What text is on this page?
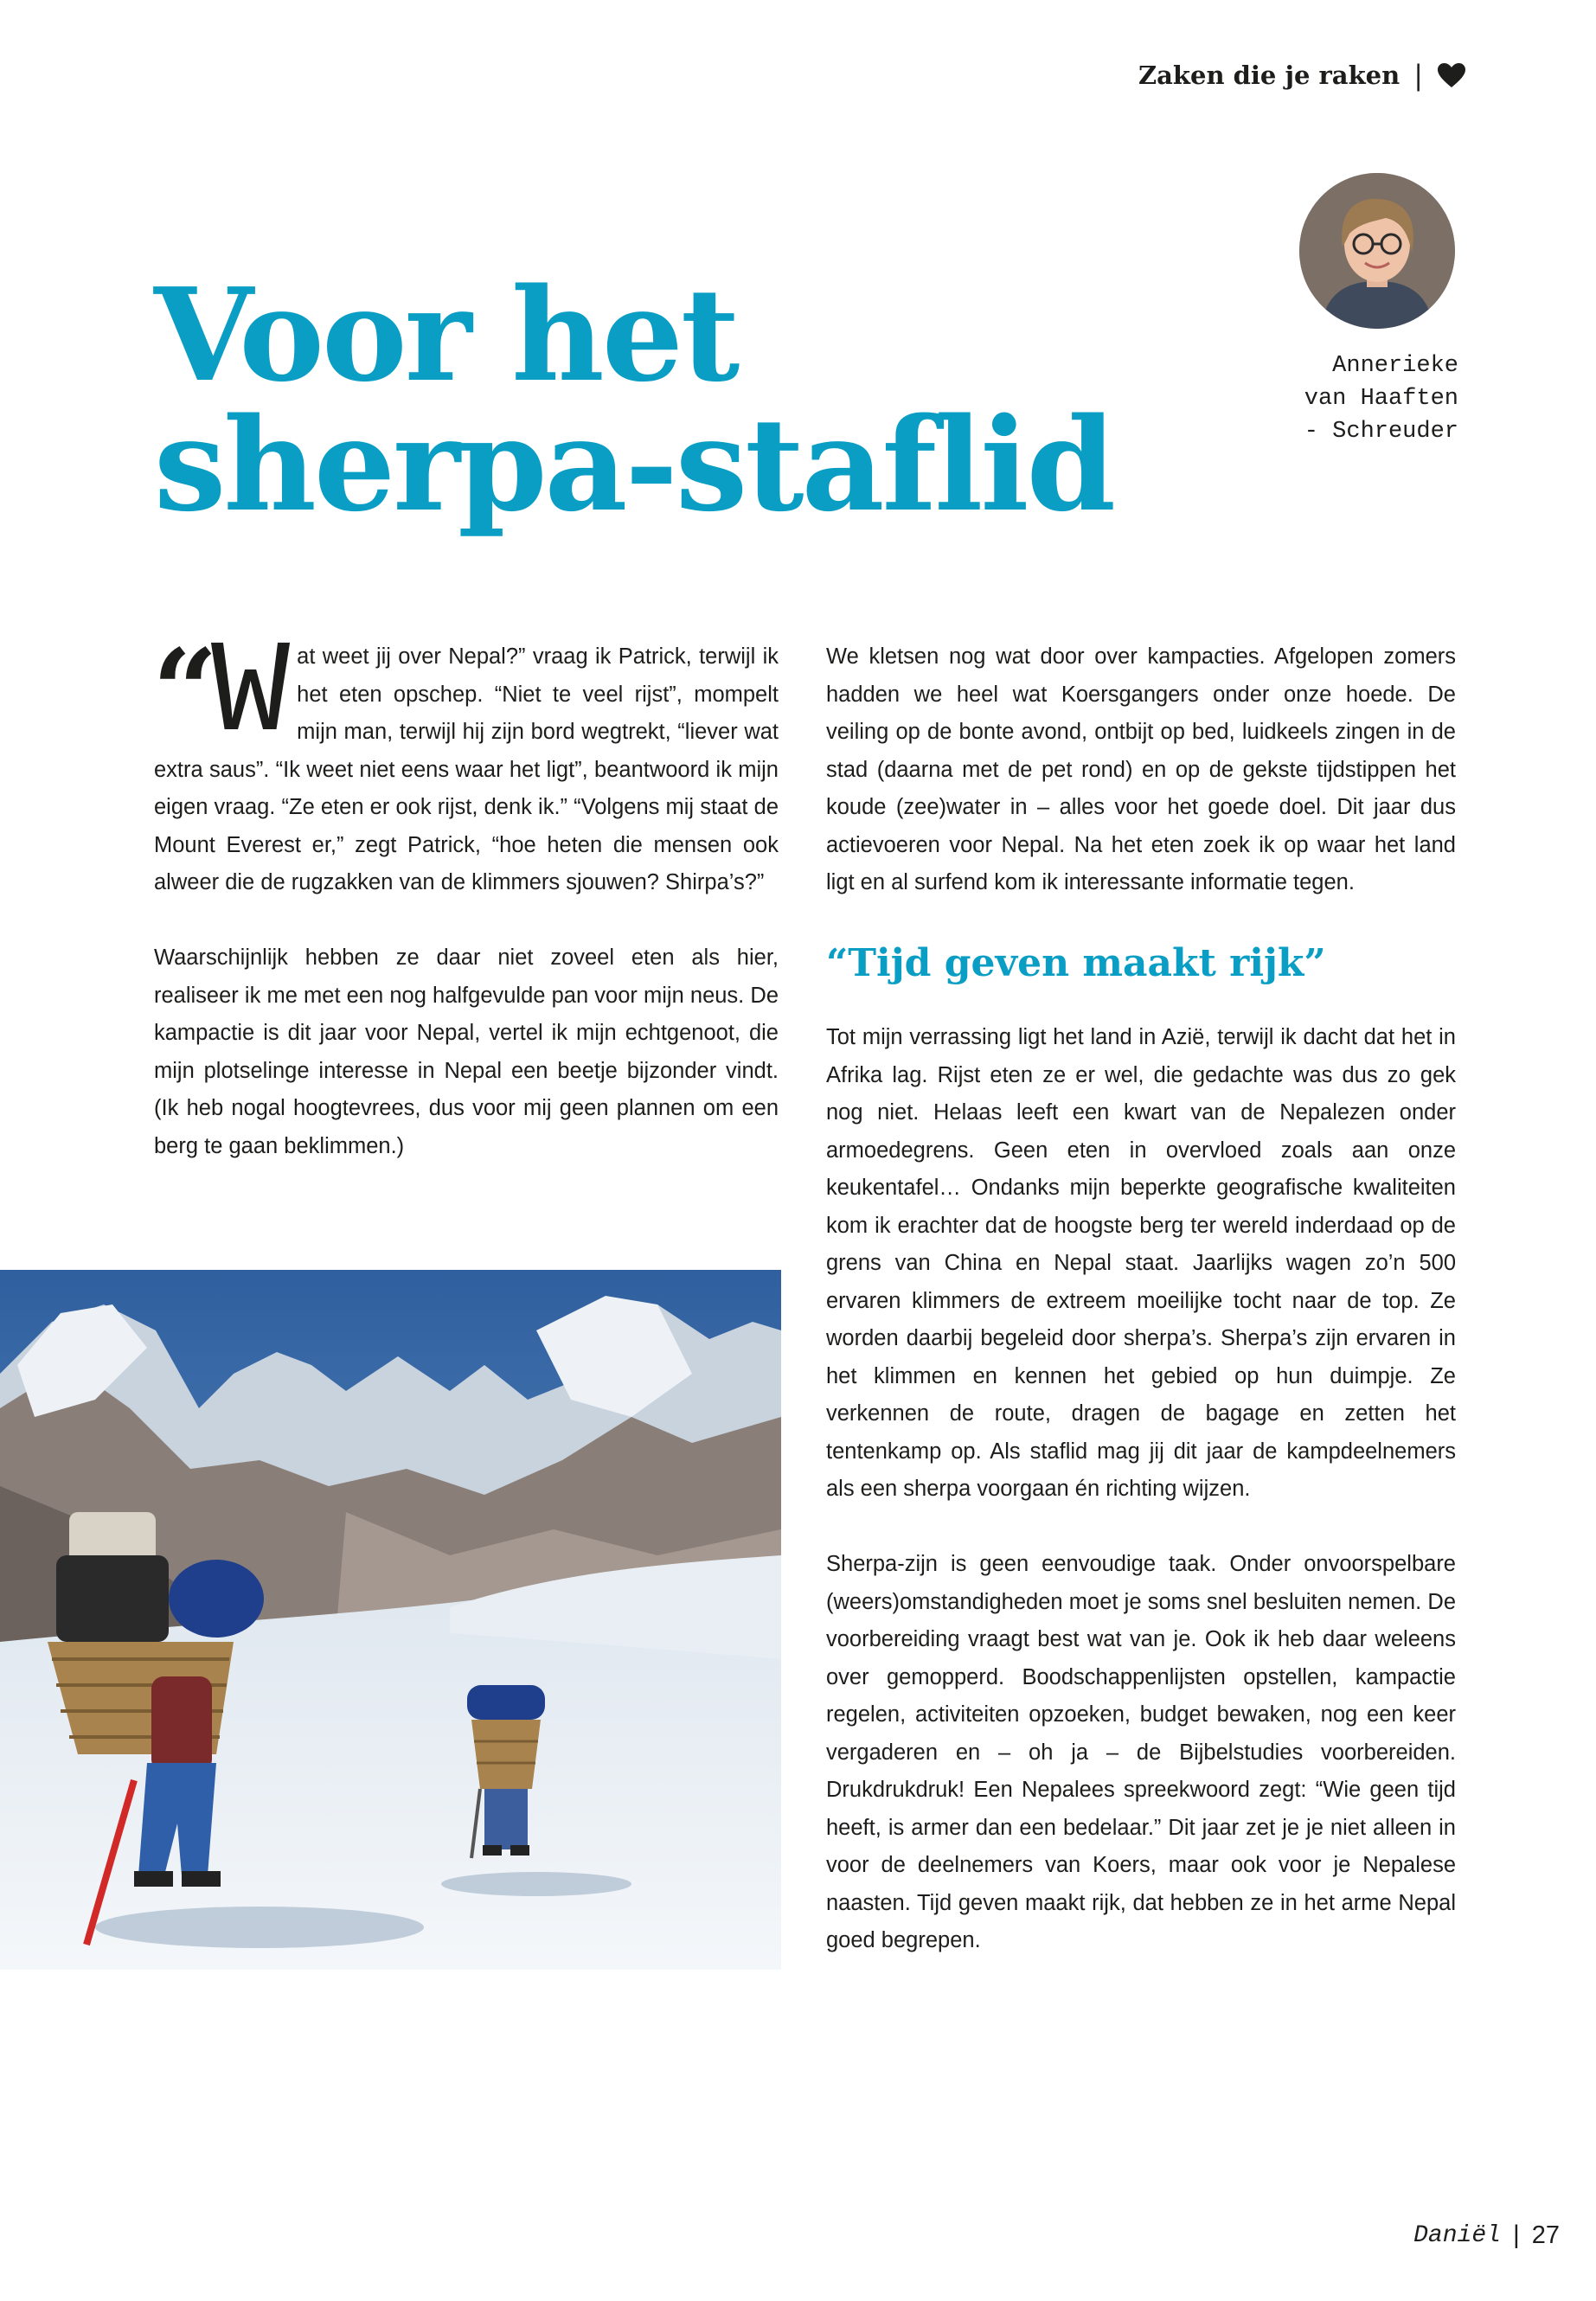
Zaken die je raken |
Voor het
sherpa-staflid
Annerieke
van Haaften
- Schreuder

“ W at weet jij over Nepal?” vraag ik Patrick, terwijl ik het eten opschep. “Niet te veel rijst”, mompelt mijn man, terwijl hij zijn bord wegtrekt, “liever wat extra saus”. “Ik weet niet eens waar het ligt”, beantwoord ik mijn eigen vraag. “Ze eten er ook rijst, denk ik.” “Volgens mij staat de Mount Everest er,” zegt Patrick, “hoe heten die mensen ook alweer die de rugzakken van de klimmers sjouwen? Shirpa’s?”

Waarschijnlijk hebben ze daar niet zoveel eten als hier, realiseer ik me met een nog halfgevulde pan voor mijn neus. De kampactie is dit jaar voor Nepal, vertel ik mijn echtgenoot, die mijn plotselinge interesse in Nepal een beetje bijzonder vindt. (Ik heb nogal hoogtevrees, dus voor mij geen plannen om een berg te gaan beklimmen.)

We kletsen nog wat door over kampacties. Afgelopen zomers hadden we heel wat Koersgangers onder onze hoede. De veiling op de bonte avond, ontbijt op bed, luidkeels zingen in de stad (daarna met de pet rond) en op de gekste tijdstippen het koude (zee)water in – alles voor het goede doel. Dit jaar dus actievoeren voor Nepal. Na het eten zoek ik op waar het land ligt en al surfend kom ik interessante informatie tegen.

“Tijd geven maakt rijk”

Tot mijn verrassing ligt het land in Azië, terwijl ik dacht dat het in Afrika lag. Rijst eten ze er wel, die gedachte was dus zo gek nog niet. Helaas leeft een kwart van de Nepalezen onder armoedegrens. Geen eten in overvloed zoals aan onze keukentafel… Ondanks mijn beperkte geografische kwaliteiten kom ik erachter dat de hoogste berg ter wereld inderdaad op de grens van China en Nepal staat. Jaarlijks wagen zo’n 500 ervaren klimmers de extreem moeilijke tocht naar de top. Ze worden daarbij begeleid door sherpa’s. Sherpa’s zijn ervaren in het klimmen en kennen het gebied op hun duimpje. Ze verkennen de route, dragen de bagage en zetten het tentenkamp op. Als staflid mag jij dit jaar de kampdeelnemers als een sherpa voorgaan én richting wijzen.

Sherpa-zijn is geen eenvoudige taak. Onder onvoorspelbare (weers)omstandigheden moet je soms snel besluiten nemen. De voorbereiding vraagt best wat van je. Ook ik heb daar weleens over gemopperd. Boodschappenlijsten opstellen, kampactie regelen, activiteiten opzoeken, budget bewaken, nog een keer vergaderen en – oh ja – de Bijbelstudies voorbereiden. Drukdrukdruk! Een Nepalees spreekwoord zegt: “Wie geen tijd heeft, is armer dan een bedelaar.” Dit jaar zet je je niet alleen in voor de deelnemers van Koers, maar ook voor je Nepalese naasten. Tijd geven maakt rijk, dat hebben ze in het arme Nepal goed begrepen.

Daniël | 27
